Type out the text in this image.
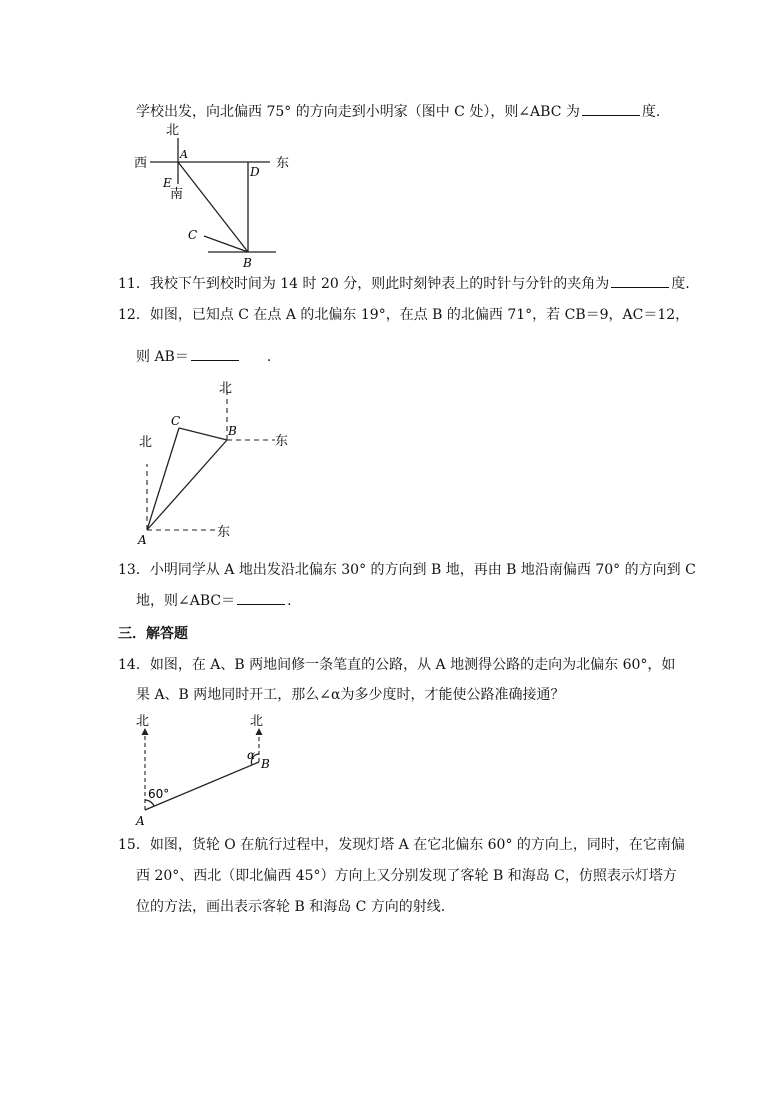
学校出发，向北偏西 75° 的方向走到小明家（图中 C 处），则∠ABC 为	度.
北
西	东
南
A
D
E
C
B
11．我校下午到校时间为 14 时 20 分，则此时刻钟表上的时针与分针的夹角为	度.
12．如图，已知点 C 在点 A 的北偏东 19°，在点 B 的北偏西 71°，若 CB＝9，AC＝12，
则 AB＝	.
北
东
北
东
A
B
C
13．小明同学从 A 地出发沿北偏东 30° 的方向到 B 地，再由 B 地沿南偏西 70° 的方向到 C
地，则∠ABC＝	.
三．解答题
14．如图，在 A、B 两地间修一条笔直的公路，从 A 地测得公路的走向为北偏东 60°，如
果 A、B 两地同时开工，那么∠α为多少度时，才能使公路准确接通？
北	北
60°
α
A
B
15．如图，货轮 O 在航行过程中，发现灯塔 A 在它北偏东 60° 的方向上，同时，在它南偏
西 20°、西北（即北偏西 45°）方向上又分别发现了客轮 B 和海岛 C，仿照表示灯塔方
位的方法，画出表示客轮 B 和海岛 C 方向的射线.
